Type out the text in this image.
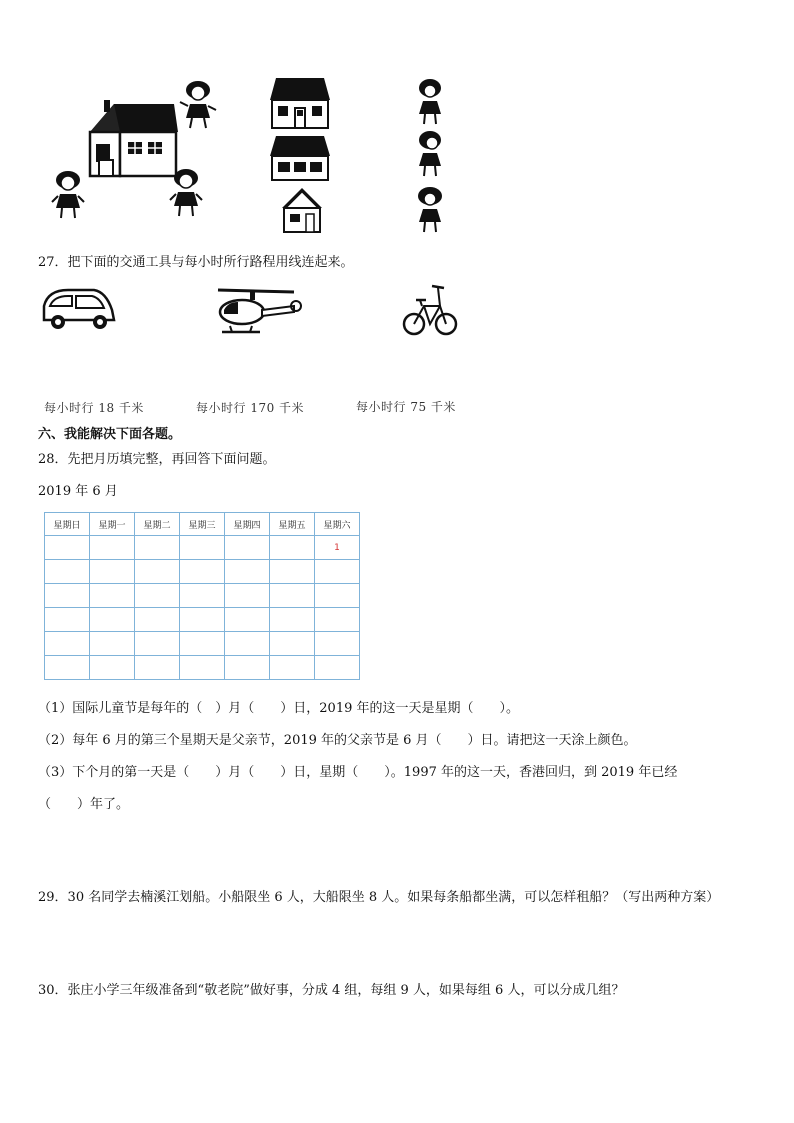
27．把下面的交通工具与每小时所行路程用线连起来。
每小时行 18 千米	每小时行 170 千米	每小时行 75 千米
六、我能解决下面各题。
28．先把月历填完整，再回答下面问题。
2019 年 6 月
星期日	星期一	星期二	星期三	星期四	星期五	星期六
						1

（1）国际儿童节是每年的（　）月（　　）日，2019 年的这一天是星期（　　）。
（2）每年 6 月的第三个星期天是父亲节，2019 年的父亲节是 6 月（　　）日。请把这一天涂上颜色。
（3）下个月的第一天是（　　）月（　　）日，星期（　　）。1997 年的这一天，香港回归，到 2019 年已经
（　　）年了。
29．30 名同学去楠溪江划船。小船限坐 6 人，大船限坐 8 人。如果每条船都坐满，可以怎样租船？（写出两种方案）
30．张庄小学三年级准备到“敬老院”做好事，分成 4 组，每组 9 人，如果每组 6 人，可以分成几组？
